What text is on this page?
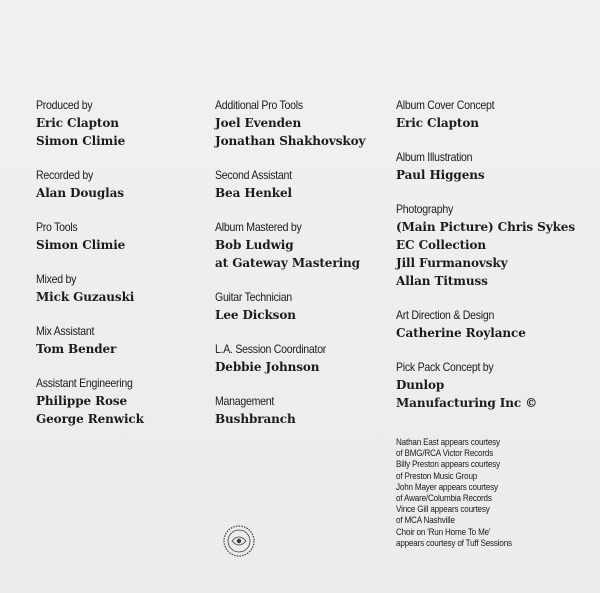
Produced by
Eric Clapton
Simon Climie
Recorded by
Alan Douglas
Pro Tools
Simon Climie
Mixed by
Mick Guzauski
Mix Assistant
Tom Bender
Assistant Engineering
Philippe Rose
George Renwick
Additional Pro Tools
Joel Evenden
Jonathan Shakhovskoy
Second Assistant
Bea Henkel
Album Mastered by
Bob Ludwig
at Gateway Mastering
Guitar Technician
Lee Dickson
L.A. Session Coordinator
Debbie Johnson
Management
Bushbranch
Album Cover Concept
Eric Clapton
Album Illustration
Paul Higgens
Photography
(Main Picture) Chris Sykes
EC Collection
Jill Furmanovsky
Allan Titmuss
Art Direction & Design
Catherine Roylance
Pick Pack Concept by
Dunlop
Manufacturing Inc ©
Nathan East appears courtesy
of BMG/RCA Victor Records
Billy Preston appears courtesy
of Preston Music Group
John Mayer appears courtesy
of Aware/Columbia Records
Vince Gill appears courtesy
of MCA Nashville
Choir on 'Run Home To Me'
appears courtesy of Tuff Sessions
